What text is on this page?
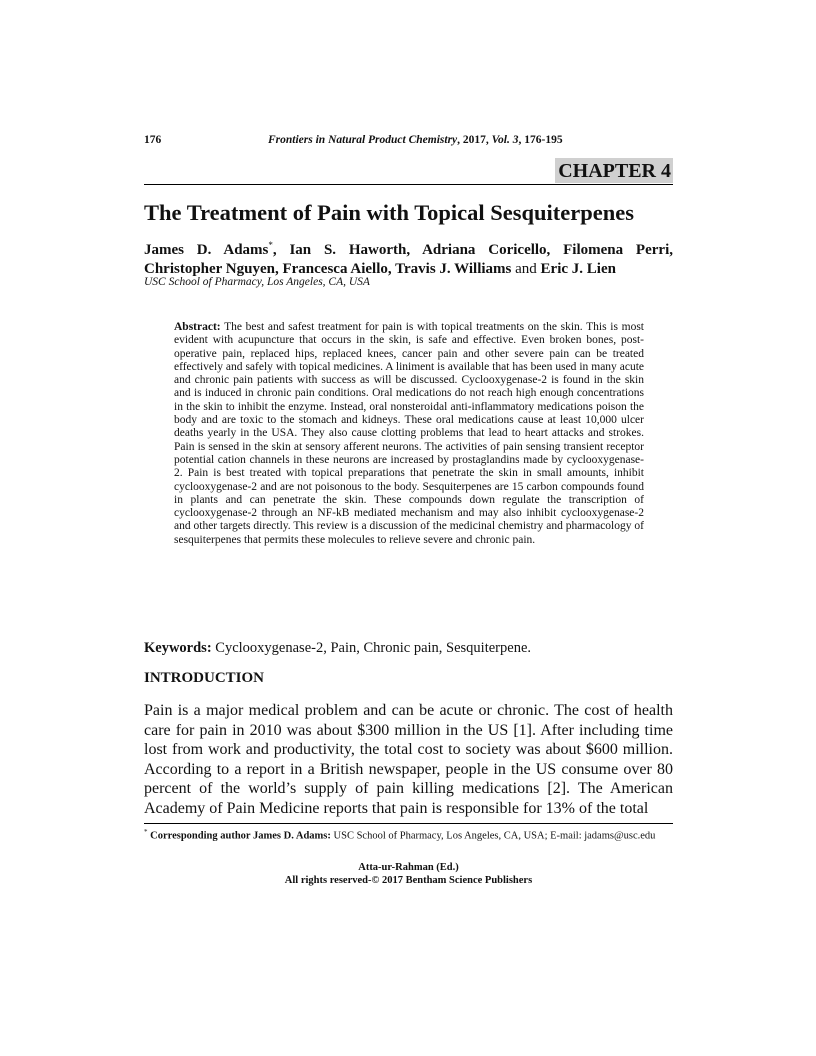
176	Frontiers in Natural Product Chemistry, 2017, Vol. 3, 176-195
CHAPTER 4
The Treatment of Pain with Topical Sesquiterpenes
James D. Adams*, Ian S. Haworth, Adriana Coricello, Filomena Perri, Christopher Nguyen, Francesca Aiello, Travis J. Williams and Eric J. Lien
USC School of Pharmacy, Los Angeles, CA, USA
Abstract: The best and safest treatment for pain is with topical treatments on the skin. This is most evident with acupuncture that occurs in the skin, is safe and effective. Even broken bones, post-operative pain, replaced hips, replaced knees, cancer pain and other severe pain can be treated effectively and safely with topical medicines. A liniment is available that has been used in many acute and chronic pain patients with success as will be discussed. Cyclooxygenase-2 is found in the skin and is induced in chronic pain conditions. Oral medications do not reach high enough concentrations in the skin to inhibit the enzyme. Instead, oral nonsteroidal anti-inflammatory medications poison the body and are toxic to the stomach and kidneys. These oral medications cause at least 10,000 ulcer deaths yearly in the USA. They also cause clotting problems that lead to heart attacks and strokes. Pain is sensed in the skin at sensory afferent neurons. The activities of pain sensing transient receptor potential cation channels in these neurons are increased by prostaglandins made by cyclooxygenase-2. Pain is best treated with topical preparations that penetrate the skin in small amounts, inhibit cyclooxygenase-2 and are not poisonous to the body. Sesquiterpenes are 15 carbon compounds found in plants and can penetrate the skin. These compounds down regulate the transcription of cyclooxygenase-2 through an NF-kB mediated mechanism and may also inhibit cyclooxygenase-2 and other targets directly. This review is a discussion of the medicinal chemistry and pharmacology of sesquiterpenes that permits these molecules to relieve severe and chronic pain.
Keywords: Cyclooxygenase-2, Pain, Chronic pain, Sesquiterpene.
INTRODUCTION
Pain is a major medical problem and can be acute or chronic. The cost of health care for pain in 2010 was about $300 million in the US [1]. After including time lost from work and productivity, the total cost to society was about $600 million. According to a report in a British newspaper, people in the US consume over 80 percent of the world’s supply of pain killing medications [2]. The American Academy of Pain Medicine reports that pain is responsible for 13% of the total
* Corresponding author James D. Adams: USC School of Pharmacy, Los Angeles, CA, USA; E-mail: jadams@usc.edu
Atta-ur-Rahman (Ed.)
All rights reserved-© 2017 Bentham Science Publishers
